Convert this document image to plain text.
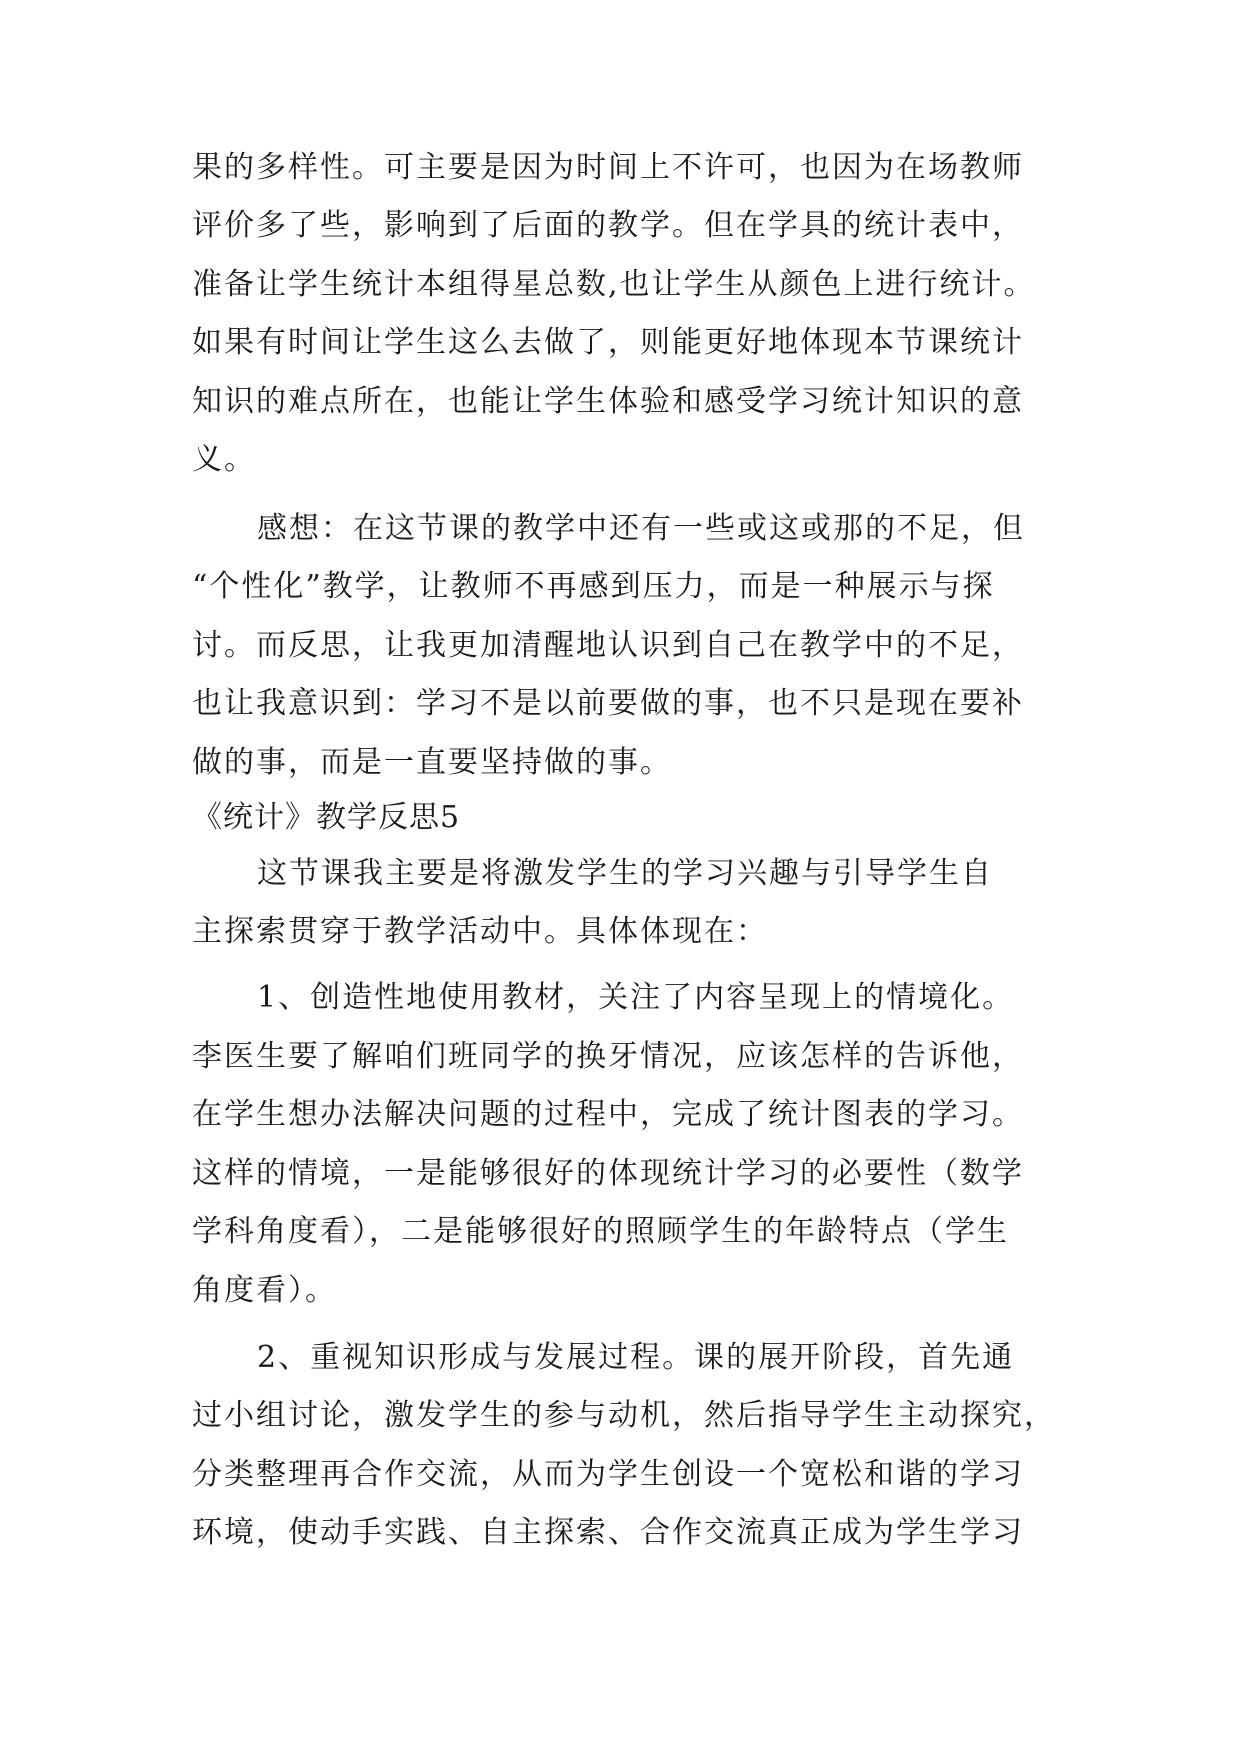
果的多样性。可主要是因为时间上不许可，也因为在场教师
评价多了些，影响到了后面的教学。但在学具的统计表中，
准备让学生统计本组得星总数,也让学生从颜色上进行统计。
如果有时间让学生这么去做了，则能更好地体现本节课统计
知识的难点所在，也能让学生体验和感受学习统计知识的意
义。
感想：在这节课的教学中还有一些或这或那的不足，但
“个性化”教学，让教师不再感到压力，而是一种展示与探
讨。而反思，让我更加清醒地认识到自己在教学中的不足，
也让我意识到：学习不是以前要做的事，也不只是现在要补
做的事，而是一直要坚持做的事。
《统计》教学反思5
这节课我主要是将激发学生的学习兴趣与引导学生自
主探索贯穿于教学活动中。具体体现在：
1、创造性地使用教材，关注了内容呈现上的情境化。
李医生要了解咱们班同学的换牙情况，应该怎样的告诉他，
在学生想办法解决问题的过程中，完成了统计图表的学习。
这样的情境，一是能够很好的体现统计学习的必要性（数学
学科角度看），二是能够很好的照顾学生的年龄特点（学生
角度看）。
2、重视知识形成与发展过程。课的展开阶段，首先通
过小组讨论，激发学生的参与动机，然后指导学生主动探究，
分类整理再合作交流，从而为学生创设一个宽松和谐的学习
环境，使动手实践、自主探索、合作交流真正成为学生学习
